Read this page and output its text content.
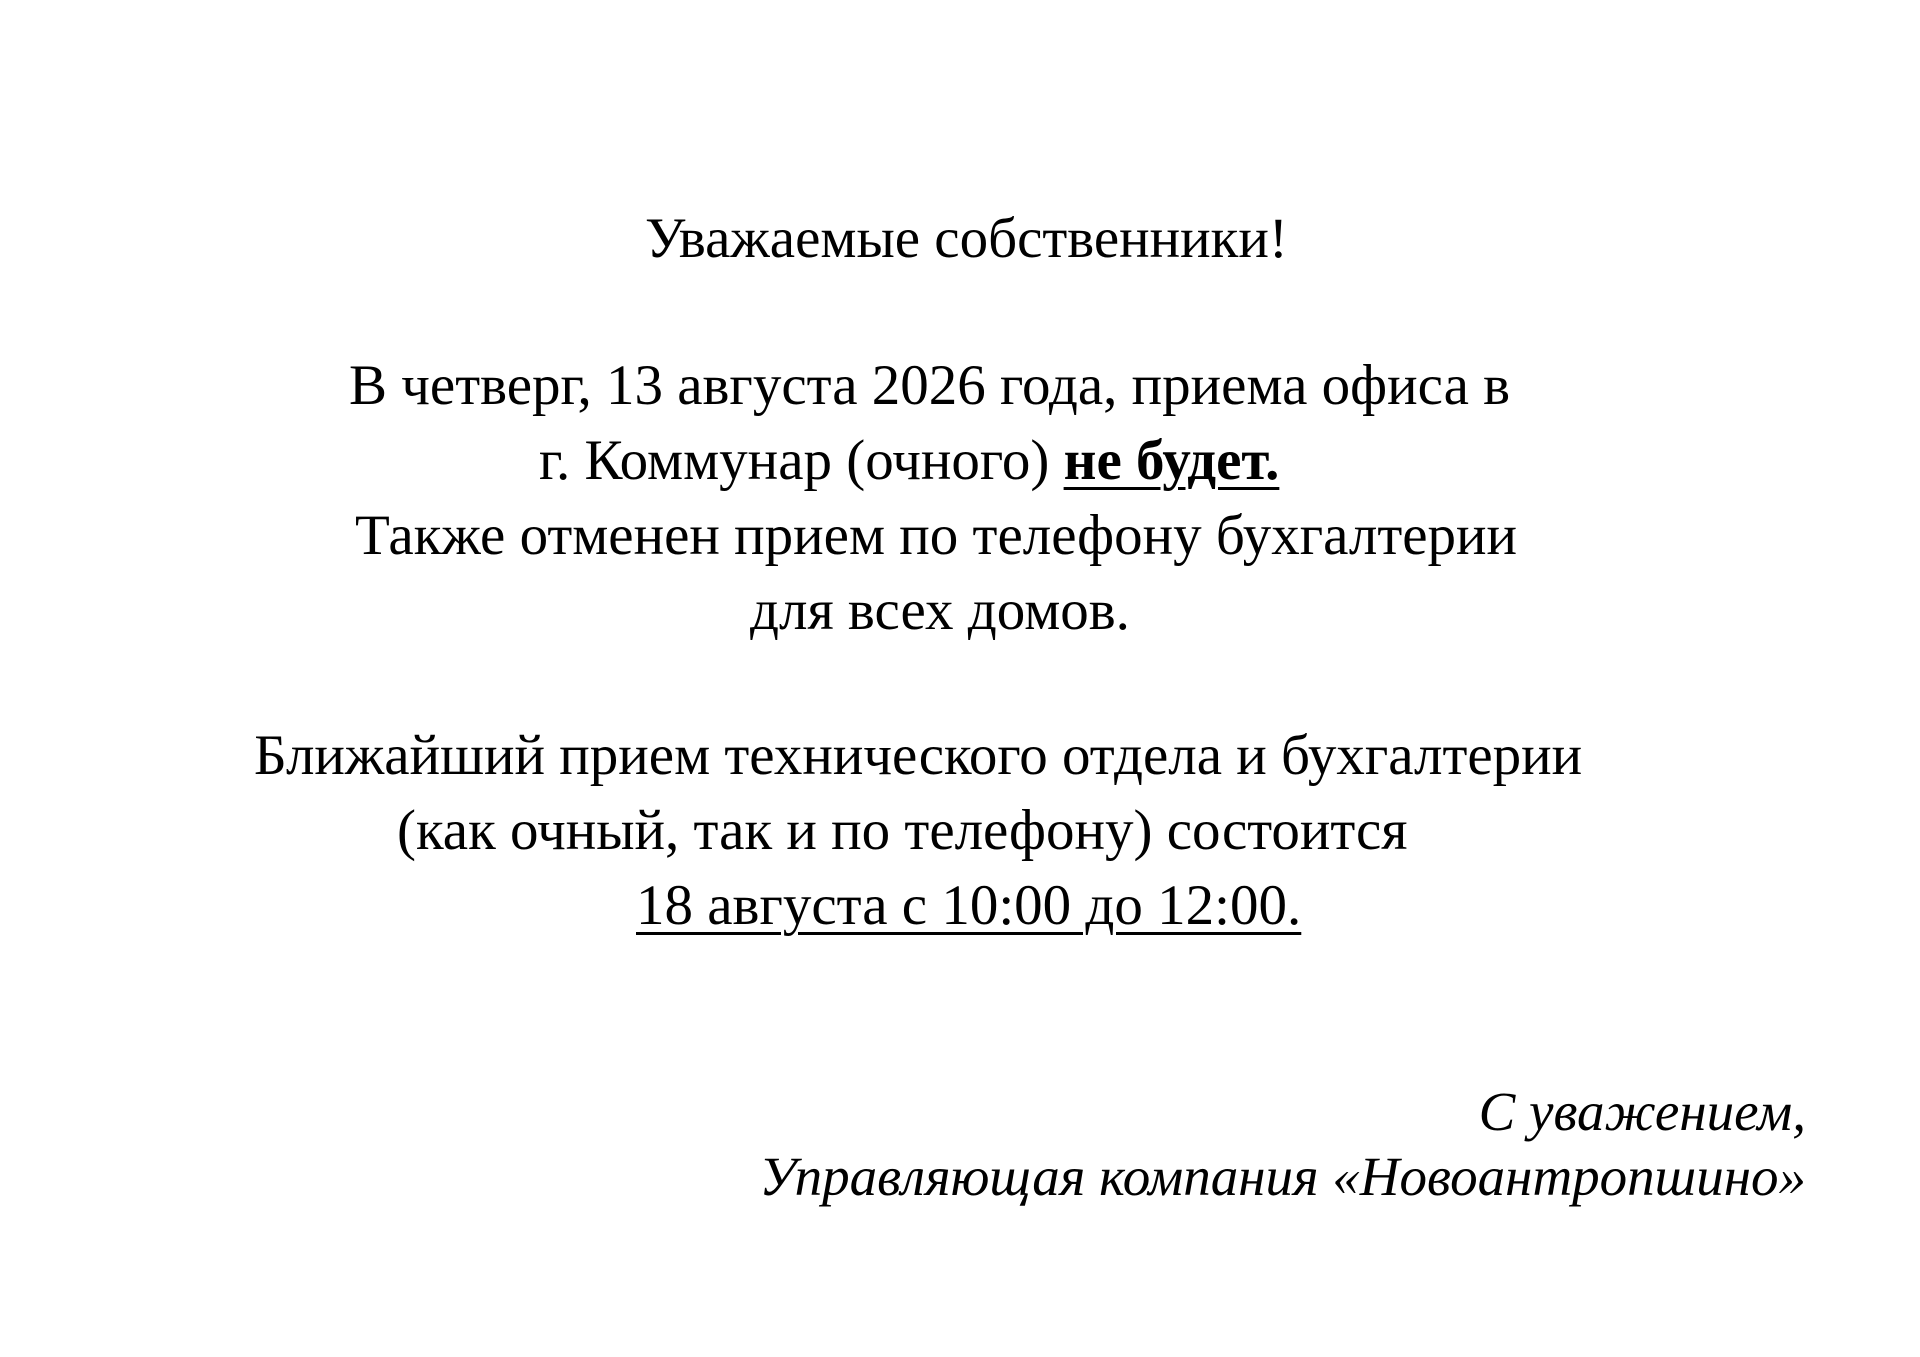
Уважаемые собственники!
В четверг, 13 августа 2026 года, приема офиса в
г. Коммунар (очного) не будет.
Также отменен прием по телефону бухгалтерии
для всех домов.
Ближайший прием технического отдела и бухгалтерии
(как очный, так и по телефону) состоится
18 августа с 10:00 до 12:00.
С уважением,
Управляющая компания «Новоантропшино»
